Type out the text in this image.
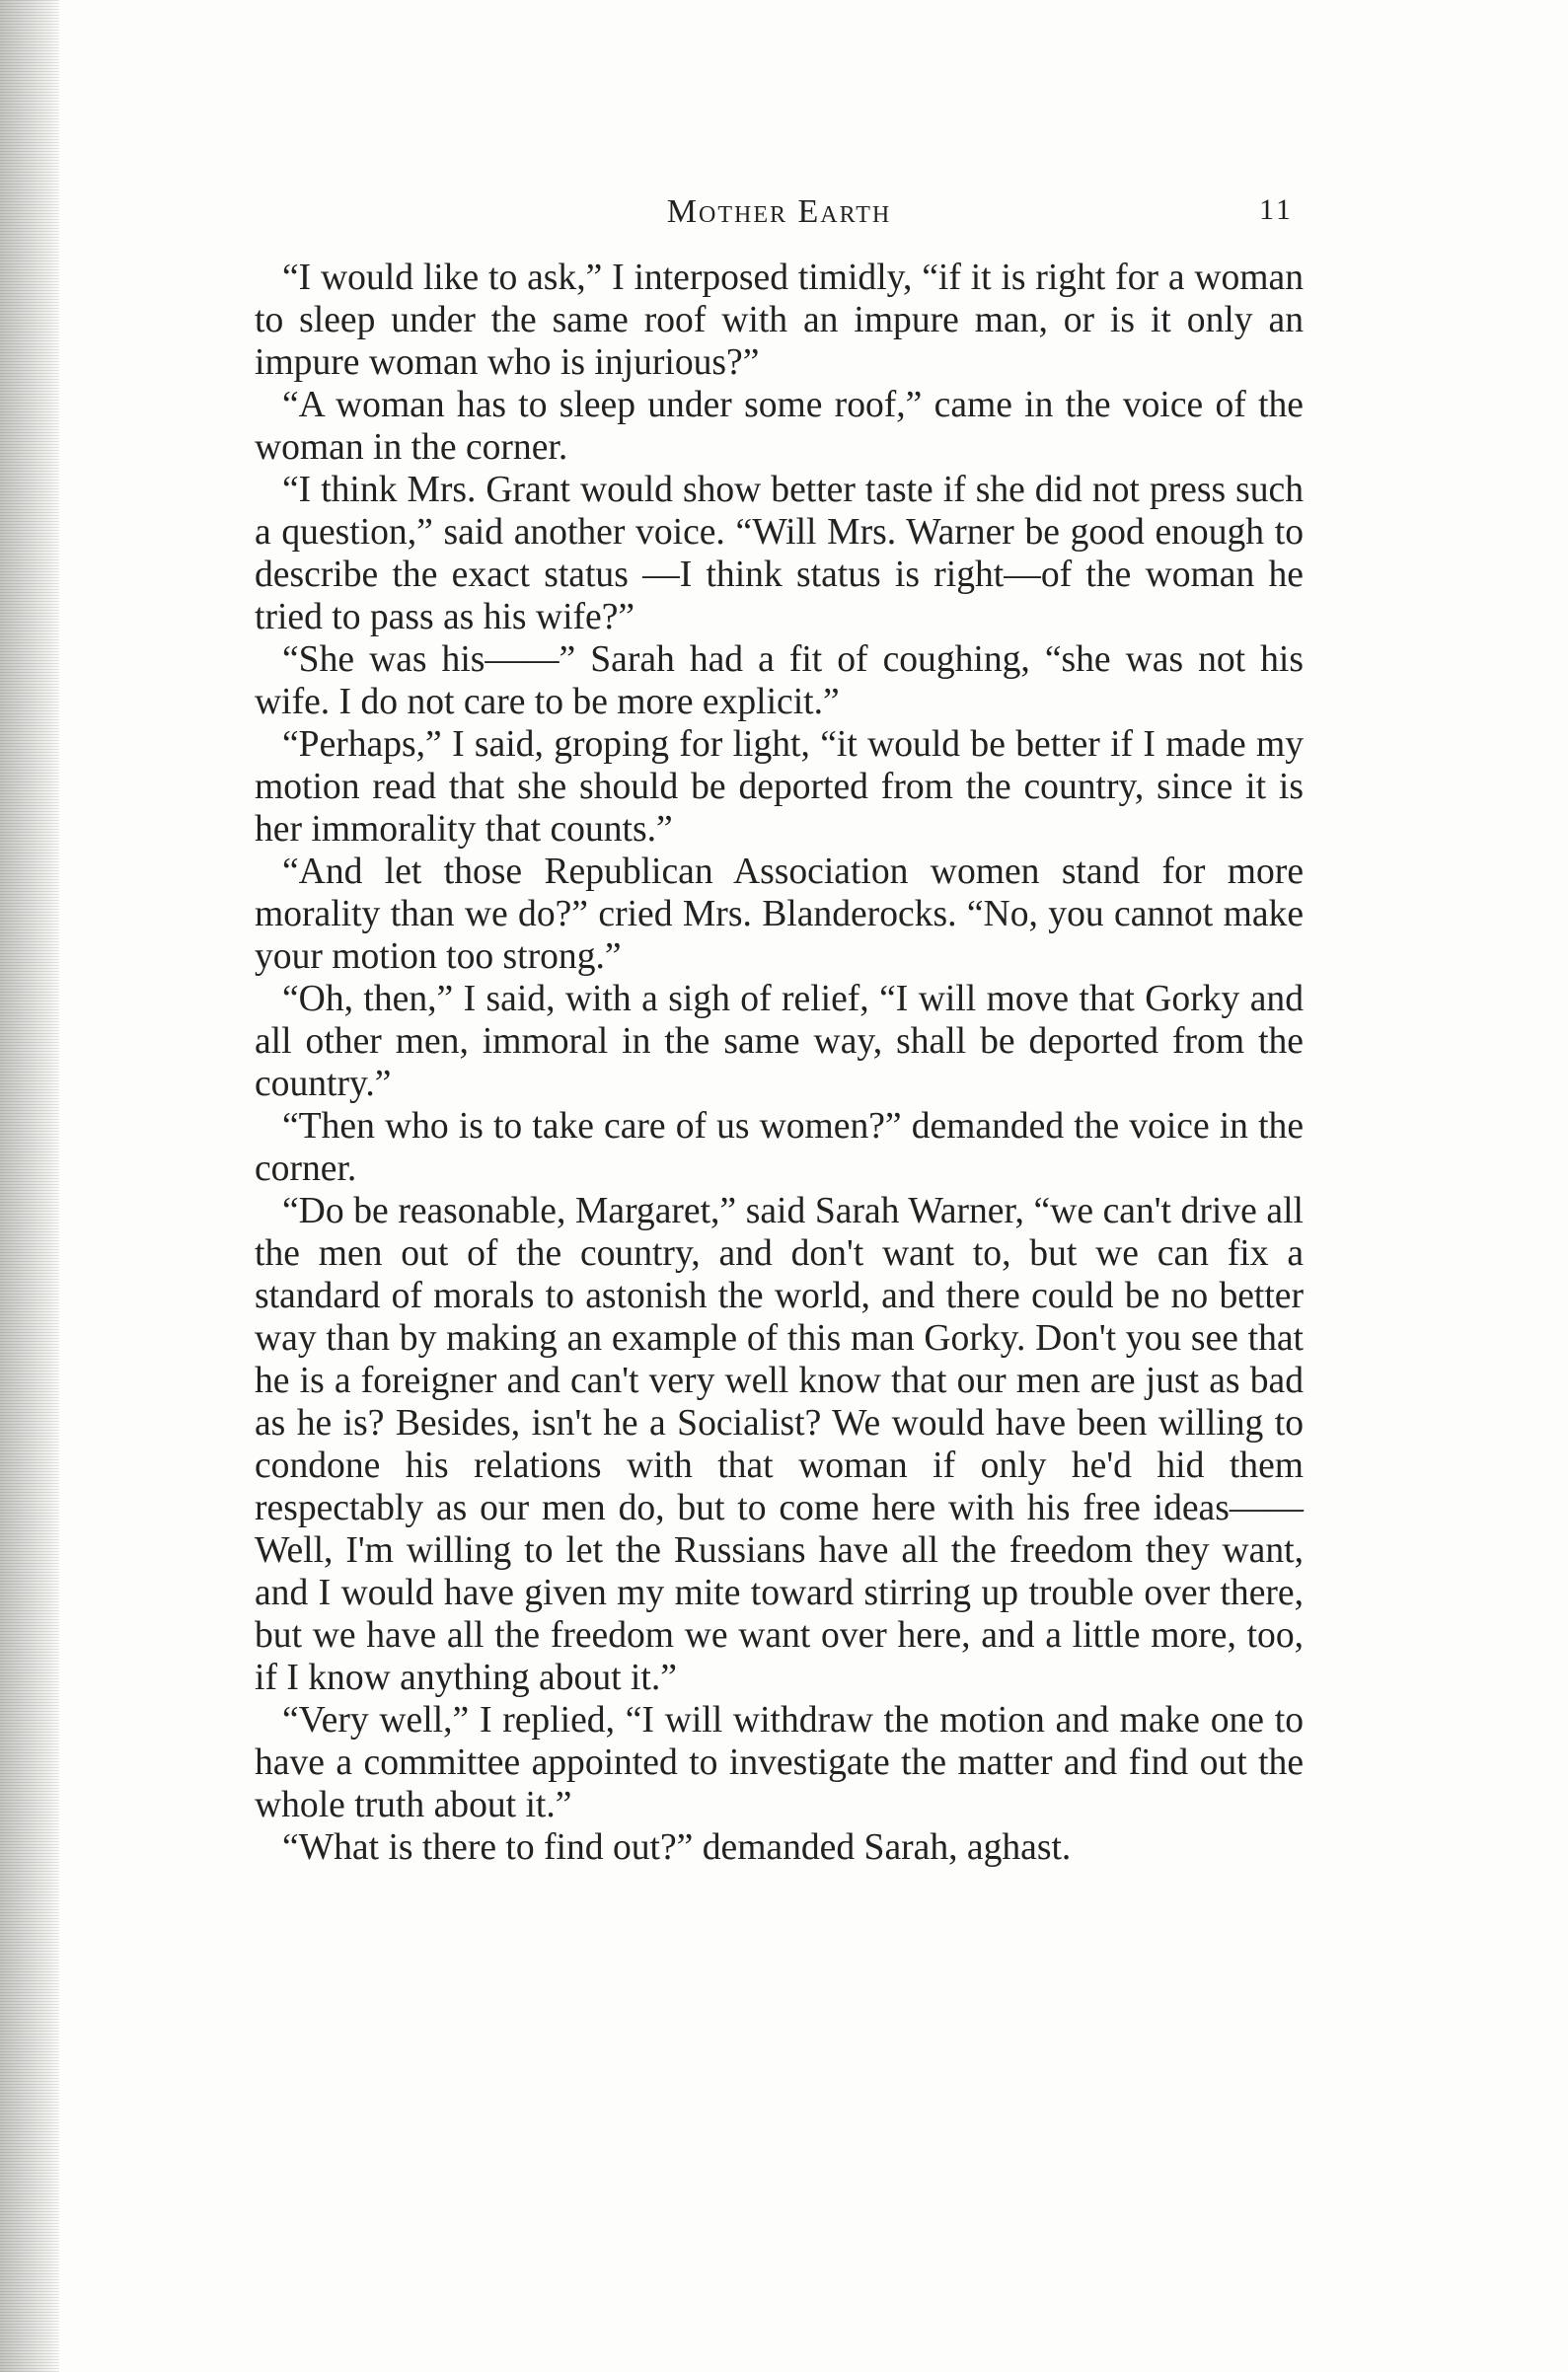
Mother Earth	11

“I would like to ask,” I interposed timidly, “if it is right for a woman to sleep under the same roof with an impure man, or is it only an impure woman who is injurious?”

“A woman has to sleep under some roof,” came in the voice of the woman in the corner.

“I think Mrs. Grant would show better taste if she did not press such a question,” said another voice. “Will Mrs. Warner be good enough to describe the exact status —I think status is right—of the woman he tried to pass as his wife?”

“She was his——” Sarah had a fit of coughing, “she was not his wife. I do not care to be more explicit.”

“Perhaps,” I said, groping for light, “it would be better if I made my motion read that she should be deported from the country, since it is her immorality that counts.”

“And let those Republican Association women stand for more morality than we do?” cried Mrs. Blanderocks. “No, you cannot make your motion too strong.”

“Oh, then,” I said, with a sigh of relief, “I will move that Gorky and all other men, immoral in the same way, shall be deported from the country.”

“Then who is to take care of us women?” demanded the voice in the corner.

“Do be reasonable, Margaret,” said Sarah Warner, “we can't drive all the men out of the country, and don't want to, but we can fix a standard of morals to astonish the world, and there could be no better way than by making an example of this man Gorky. Don't you see that he is a foreigner and can't very well know that our men are just as bad as he is? Besides, isn't he a Socialist? We would have been willing to condone his relations with that woman if only he'd hid them respectably as our men do, but to come here with his free ideas—— Well, I'm willing to let the Russians have all the freedom they want, and I would have given my mite toward stirring up trouble over there, but we have all the freedom we want over here, and a little more, too, if I know anything about it.”

“Very well,” I replied, “I will withdraw the motion and make one to have a committee appointed to investigate the matter and find out the whole truth about it.”

“What is there to find out?” demanded Sarah, aghast.
